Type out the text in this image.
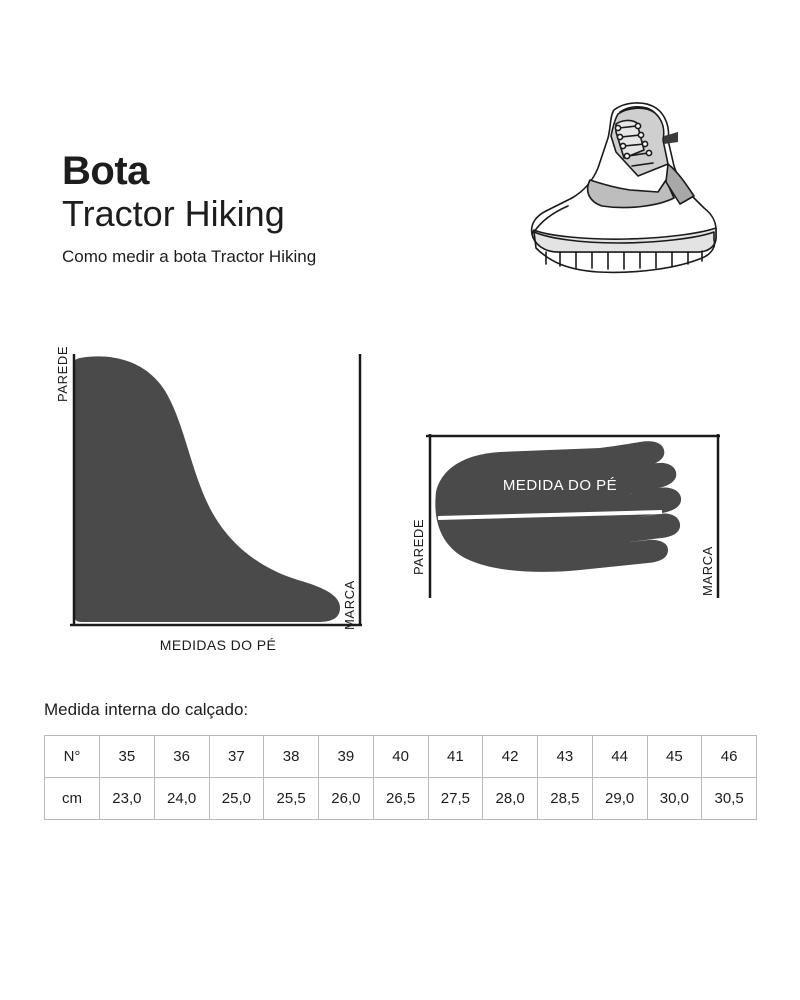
Bota
Tractor Hiking
Como medir a bota Tractor Hiking
PAREDE
MARCA
MEDIDAS DO PÉ
PAREDE	MARCA
MEDIDA DO PÉ
Medida interna do calçado:
N°	35	36	37	38	39	40	41	42	43	44	45	46
cm	23,0	24,0	25,0	25,5	26,0	26,5	27,5	28,0	28,5	29,0	30,0	30,5
